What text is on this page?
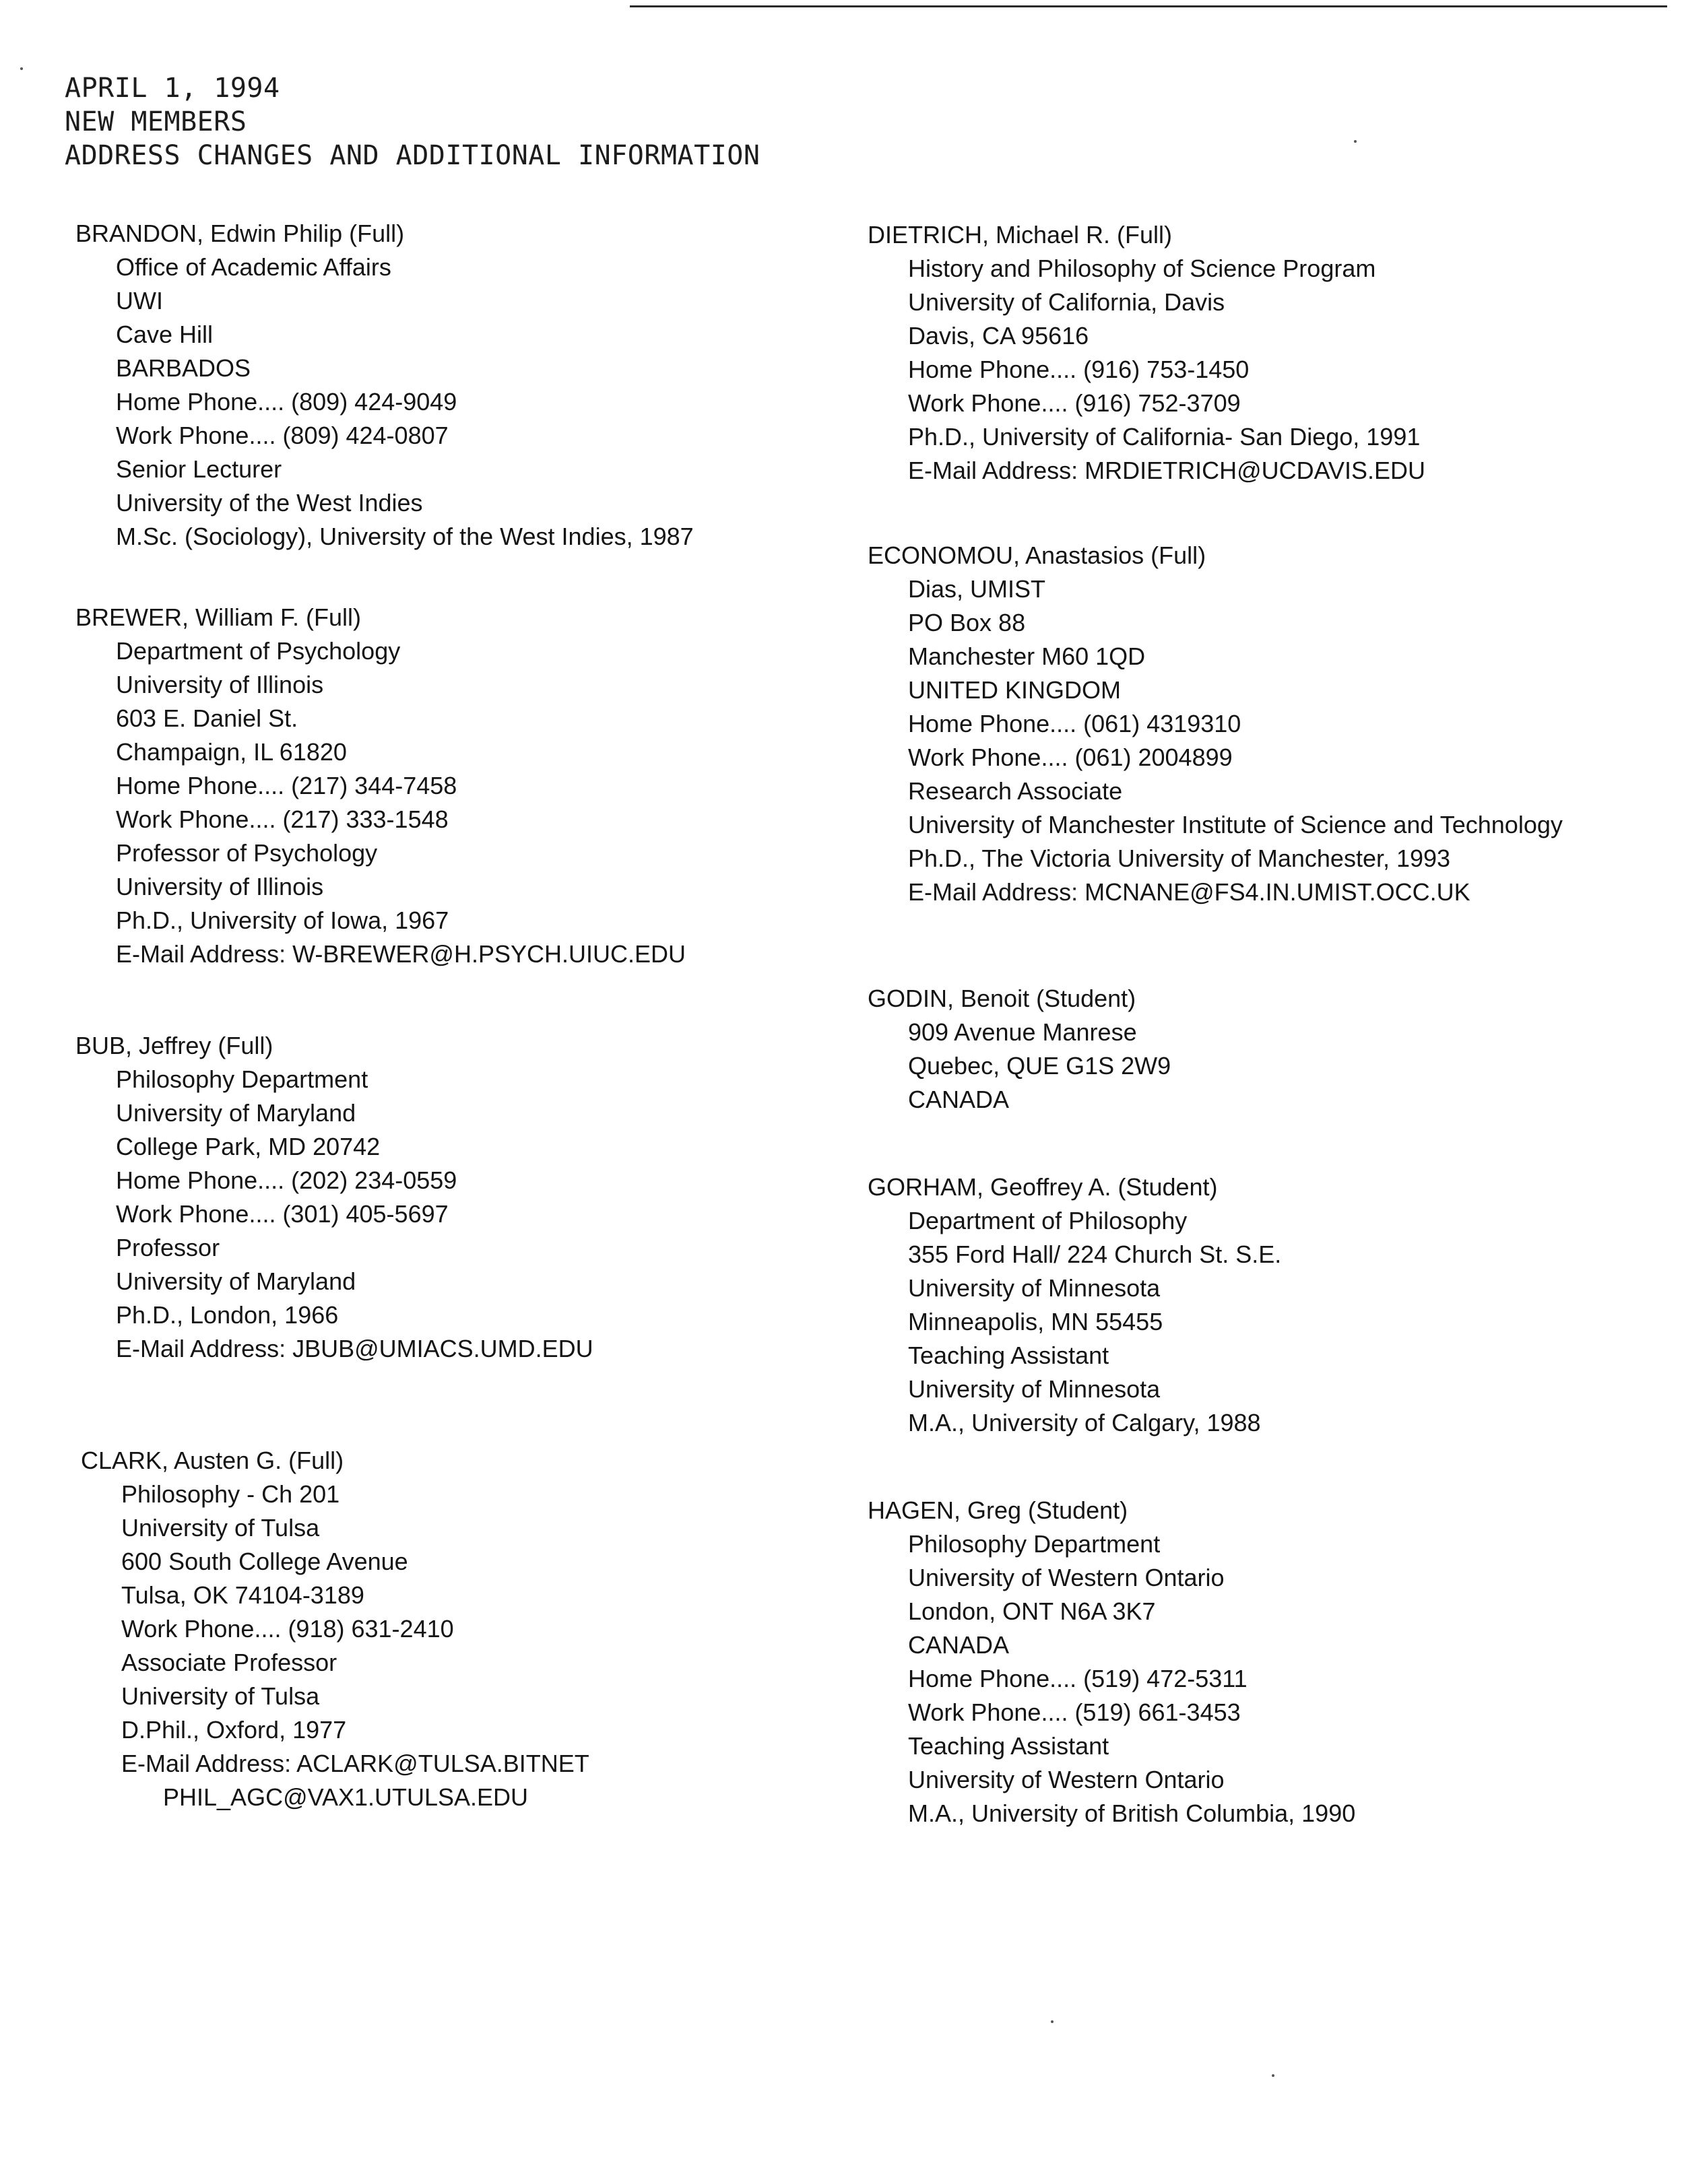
APRIL 1, 1994
NEW MEMBERS
ADDRESS CHANGES AND ADDITIONAL INFORMATION
BRANDON, Edwin Philip (Full)
Office of Academic Affairs
UWI
Cave Hill
BARBADOS
Home Phone.... (809) 424-9049
Work Phone.... (809) 424-0807
Senior Lecturer
University of the West Indies
M.Sc. (Sociology), University of the West Indies, 1987
BREWER, William F. (Full)
Department of Psychology
University of Illinois
603 E. Daniel St.
Champaign, IL 61820
Home Phone.... (217) 344-7458
Work Phone.... (217) 333-1548
Professor of Psychology
University of Illinois
Ph.D., University of Iowa, 1967
E-Mail Address: W-BREWER@H.PSYCH.UIUC.EDU
BUB, Jeffrey (Full)
Philosophy Department
University of Maryland
College Park, MD 20742
Home Phone.... (202) 234-0559
Work Phone.... (301) 405-5697
Professor
University of Maryland
Ph.D., London, 1966
E-Mail Address: JBUB@UMIACS.UMD.EDU
CLARK, Austen G. (Full)
Philosophy - Ch 201
University of Tulsa
600 South College Avenue
Tulsa, OK 74104-3189
Work Phone.... (918) 631-2410
Associate Professor
University of Tulsa
D.Phil., Oxford, 1977
E-Mail Address: ACLARK@TULSA.BITNET
PHIL_AGC@VAX1.UTULSA.EDU
DIETRICH, Michael R. (Full)
History and Philosophy of Science Program
University of California, Davis
Davis, CA 95616
Home Phone.... (916) 753-1450
Work Phone.... (916) 752-3709
Ph.D., University of California- San Diego, 1991
E-Mail Address: MRDIETRICH@UCDAVIS.EDU
ECONOMOU, Anastasios (Full)
Dias, UMIST
PO Box 88
Manchester M60 1QD
UNITED KINGDOM
Home Phone.... (061) 4319310
Work Phone.... (061) 2004899
Research Associate
University of Manchester Institute of Science and Technology
Ph.D., The Victoria University of Manchester, 1993
E-Mail Address: MCNANE@FS4.IN.UMIST.OCC.UK
GODIN, Benoit (Student)
909 Avenue Manrese
Quebec, QUE G1S 2W9
CANADA
GORHAM, Geoffrey A. (Student)
Department of Philosophy
355 Ford Hall/ 224 Church St. S.E.
University of Minnesota
Minneapolis, MN 55455
Teaching Assistant
University of Minnesota
M.A., University of Calgary, 1988
HAGEN, Greg (Student)
Philosophy Department
University of Western Ontario
London, ONT N6A 3K7
CANADA
Home Phone.... (519) 472-5311
Work Phone.... (519) 661-3453
Teaching Assistant
University of Western Ontario
M.A., University of British Columbia, 1990
